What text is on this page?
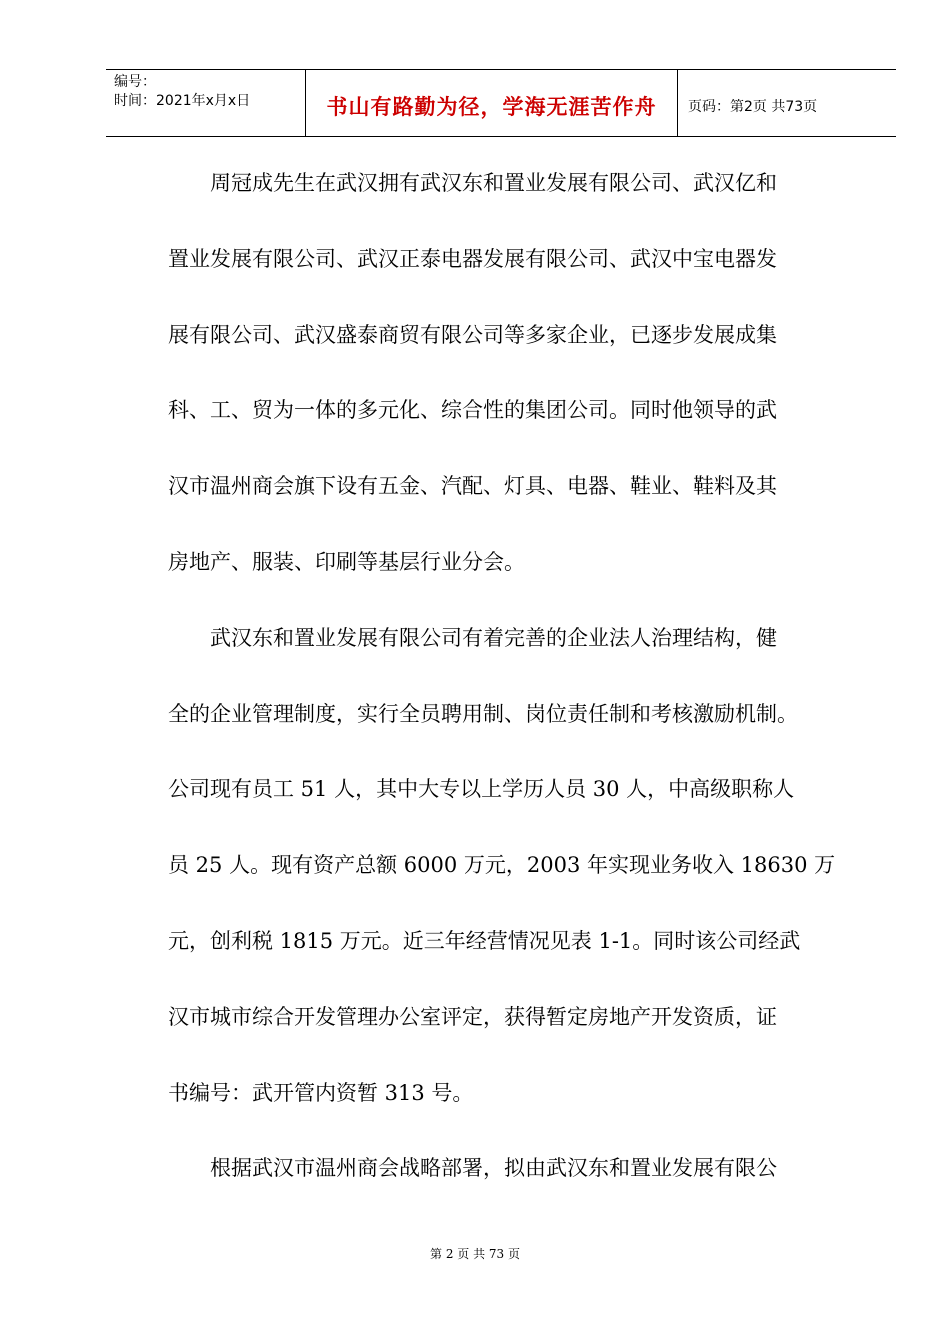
编号：
时间：2021年x月x日	书山有路勤为径，学海无涯苦作舟	页码：第2页 共73页

周冠成先生在武汉拥有武汉东和置业发展有限公司、武汉亿和

置业发展有限公司、武汉正泰电器发展有限公司、武汉中宝电器发

展有限公司、武汉盛泰商贸有限公司等多家企业，已逐步发展成集

科、工、贸为一体的多元化、综合性的集团公司。同时他领导的武

汉市温州商会旗下设有五金、汽配、灯具、电器、鞋业、鞋料及其

房地产、服装、印刷等基层行业分会。

武汉东和置业发展有限公司有着完善的企业法人治理结构，健

全的企业管理制度，实行全员聘用制、岗位责任制和考核激励机制。

公司现有员工 51 人，其中大专以上学历人员 30 人，中高级职称人

员 25 人。现有资产总额 6000 万元，2003 年实现业务收入 18630 万

元，创利税 1815 万元。近三年经营情况见表 1-1。同时该公司经武

汉市城市综合开发管理办公室评定，获得暂定房地产开发资质，证

书编号：武开管内资暂 313 号。

根据武汉市温州商会战略部署，拟由武汉东和置业发展有限公

第 2 页 共 73 页
